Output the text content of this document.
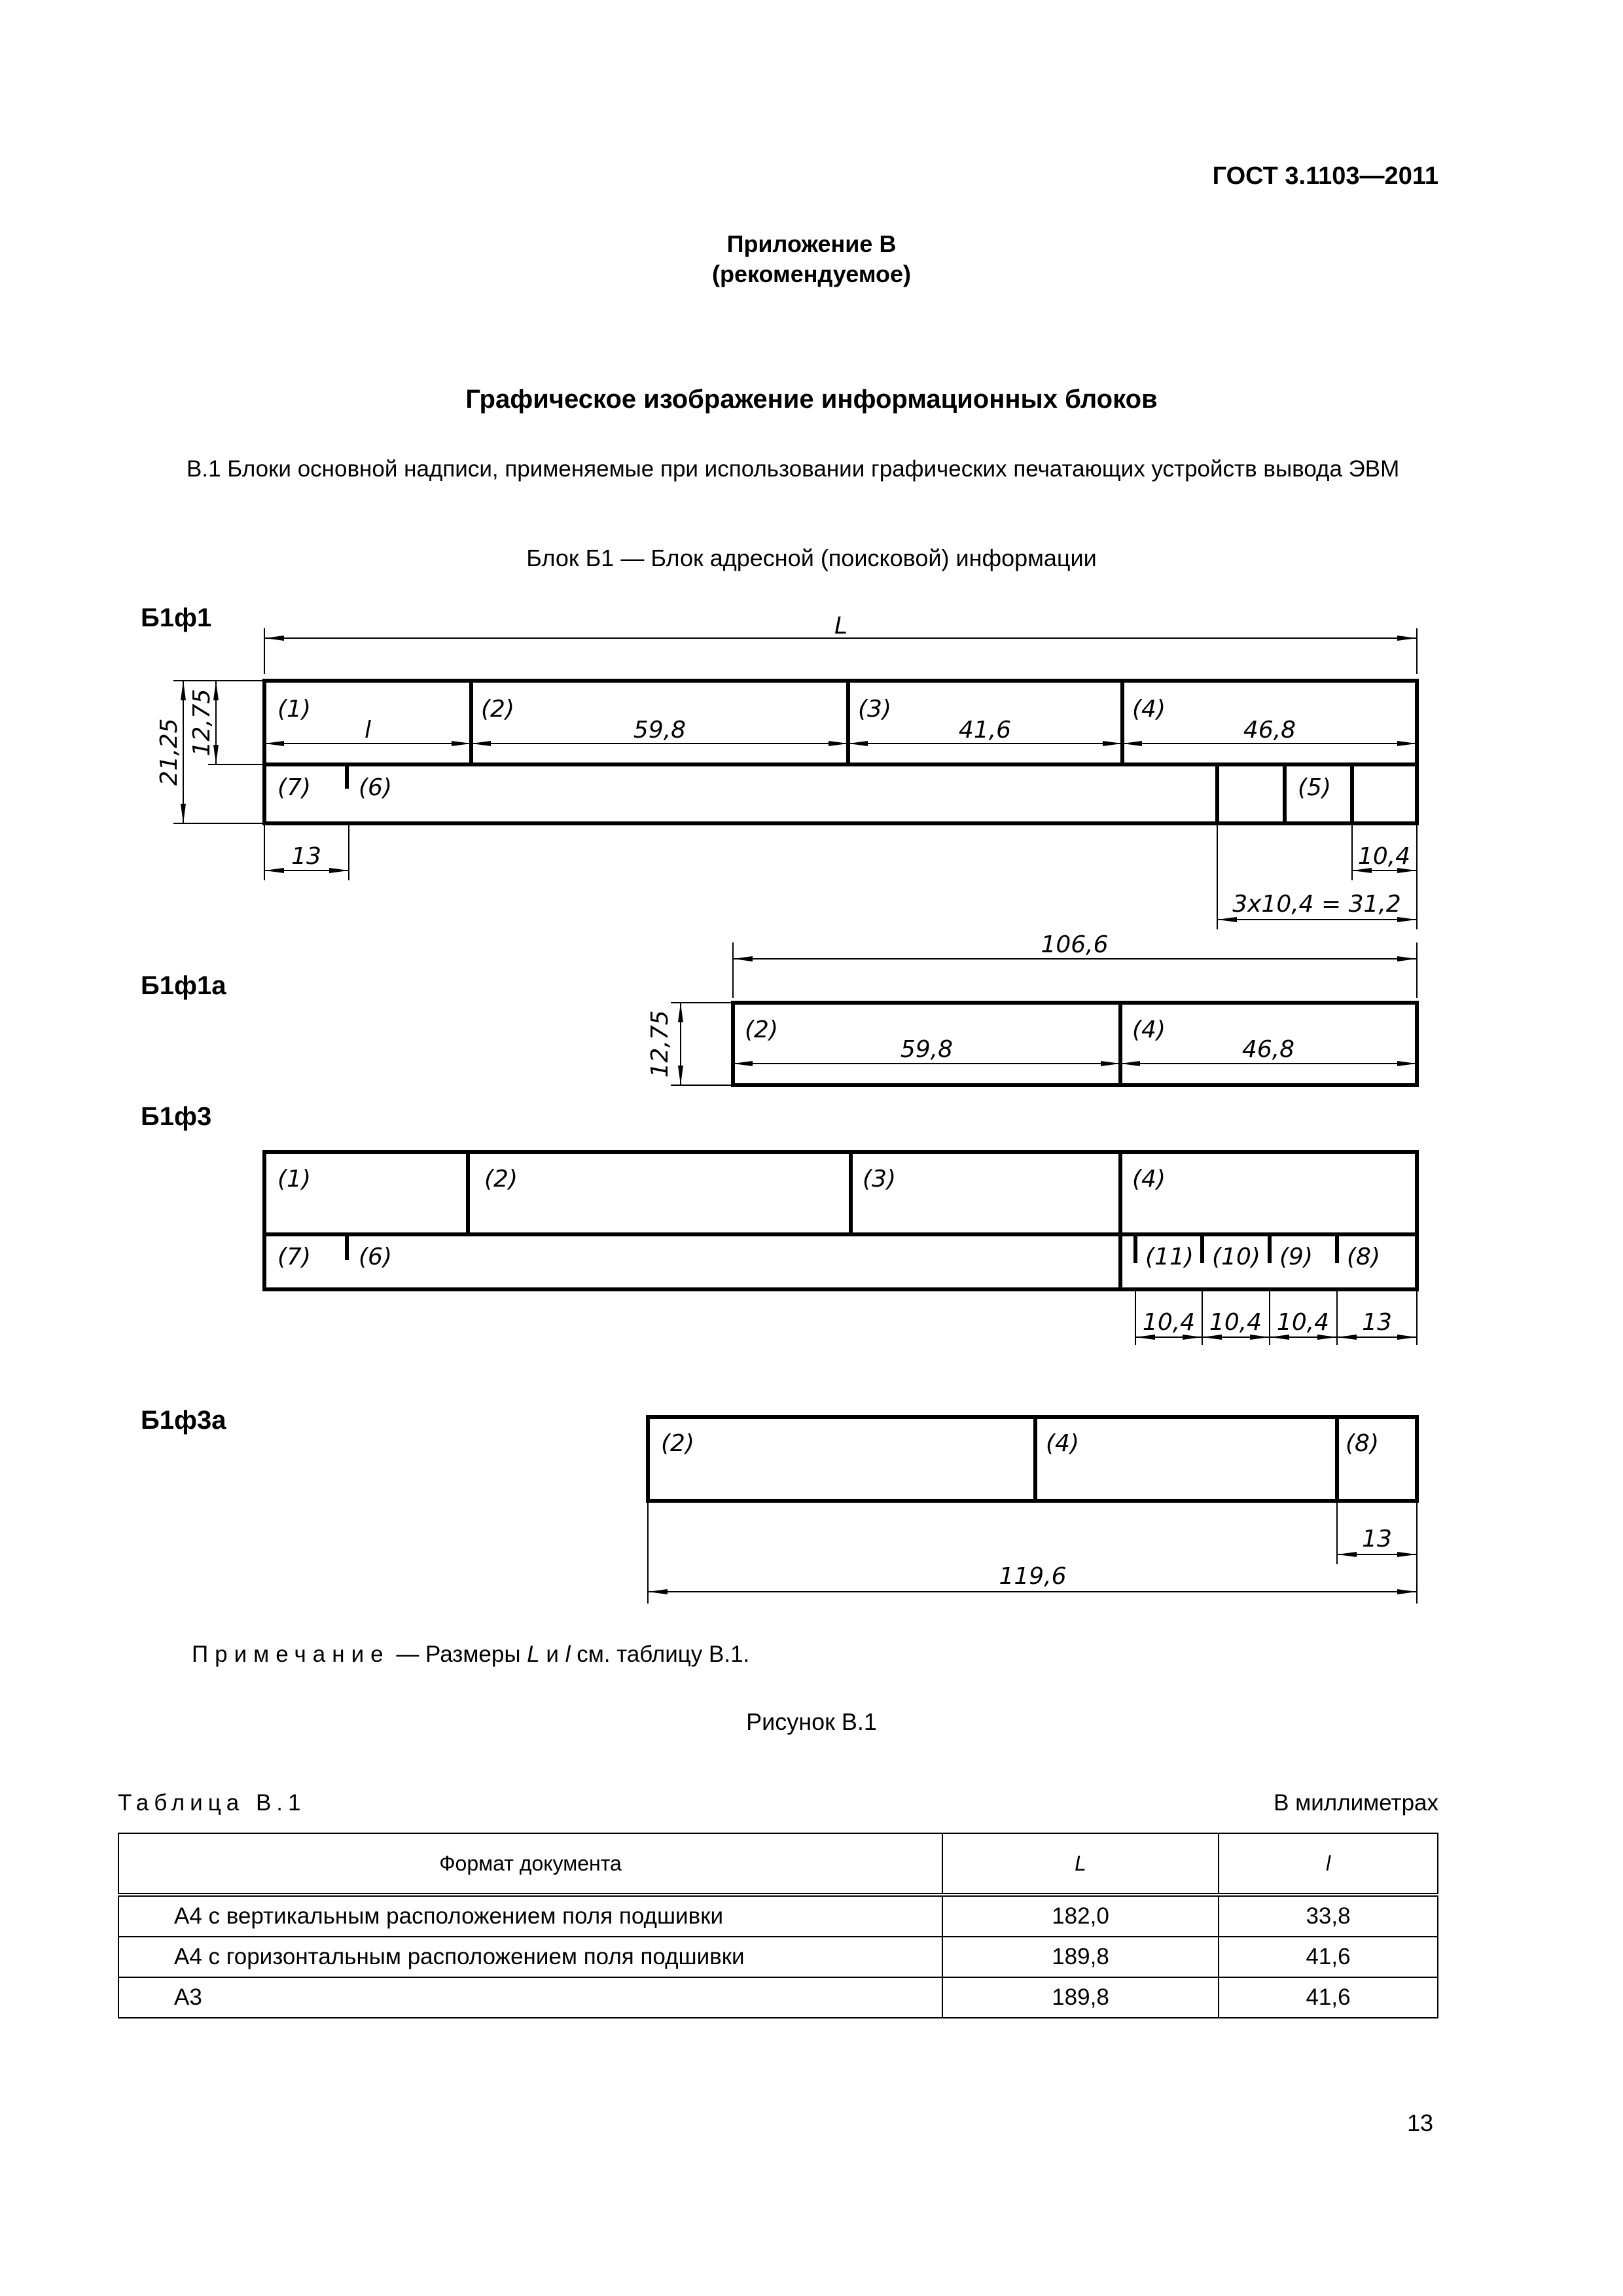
ГОСТ 3.1103—2011
Приложение В
(рекомендуемое)
Графическое изображение информационных блоков
В.1 Блоки основной надписи, применяемые при использовании графических печатающих устройств вывода ЭВМ
Блок Б1 — Блок адресной (поисковой) информации
Б1ф1
Б1ф1а
Б1ф3
Б1ф3а
L
(1)	(2)	(3)	(4)
(7) (6)	(5)
l	59,8	41,6	46,8
12,75
21,25
13	10,4
3x10,4 = 31,2
106,6
(2)	(4)
59,8	46,8
12,75
(1)	(2)	(3)	(4)
(7) (6)	(11) (10) (9) (8)
10,4 10,4 10,4 13
(2)	(4)	(8)
13
119,6
Примечание — Размеры L и l см. таблицу В.1.
Рисунок В.1
Таблица В.1	В миллиметрах
Формат документа	L	l
А4 с вертикальным расположением поля подшивки	182,0	33,8
А4 с горизонтальным расположением поля подшивки	189,8	41,6
А3	189,8	41,6
13
